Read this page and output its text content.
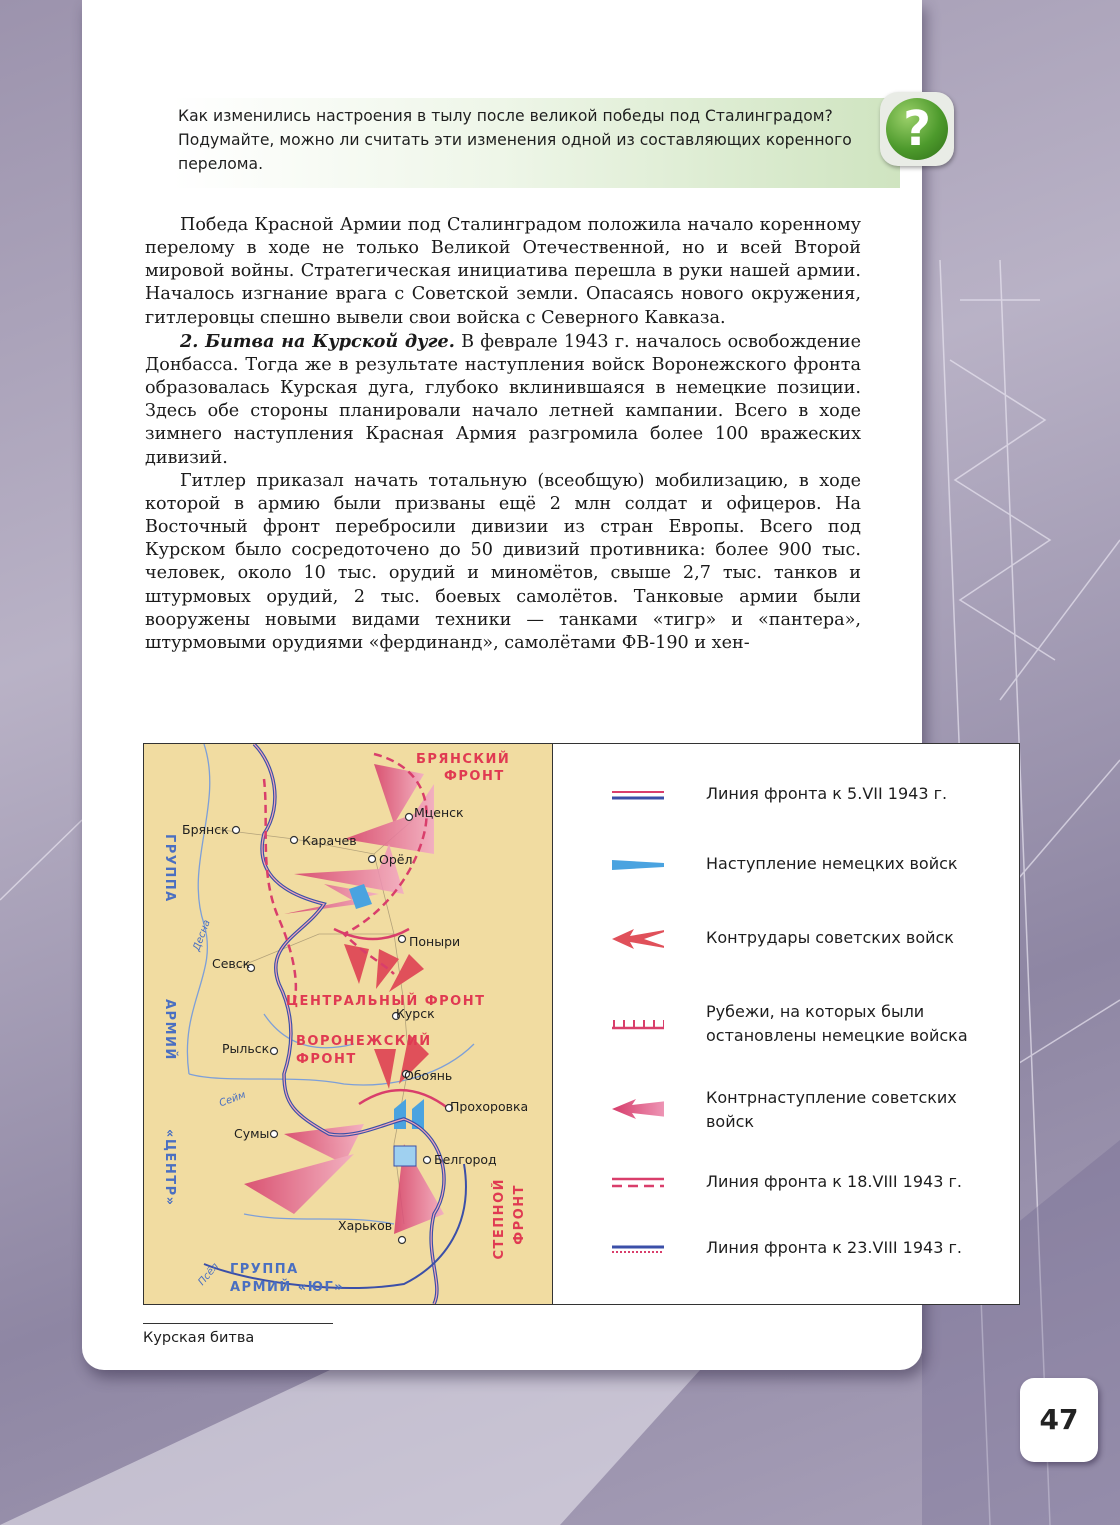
Как изменились настроения в тылу после великой победы под Сталинградом? Подумайте, можно ли считать эти изменения одной из составляющих коренного перелома.
?

Победа Красной Армии под Сталинградом положила начало коренному перелому в ходе не только Великой Отечественной, но и всей Второй мировой войны. Стратегическая инициатива перешла в руки нашей армии. Началось изгнание врага с Советской земли. Опасаясь нового окружения, гитлеровцы спешно вывели свои войска с Северного Кавказа.

2. Битва на Курской дуге. В феврале 1943 г. началось освобождение Донбасса. Тогда же в результате наступления войск Воронежского фронта образовалась Курская дуга, глубоко вклинившаяся в немецкие позиции. Здесь обе стороны планировали начало летней кампании. Всего в ходе зимнего наступления Красная Армия разгромила более 100 вражеских дивизий.

Гитлер приказал начать тотальную (всеобщую) мобилизацию, в ходе которой в армию были призваны ещё 2 млн солдат и офицеров. На Восточный фронт перебросили дивизии из стран Европы. Всего под Курском было сосредоточено до 50 дивизий противника: более 900 тыс. человек, около 10 тыс. орудий и миномётов, свыше 2,7 тыс. танков и штурмовых орудий, 2 тыс. боевых самолётов. Танковые армии были вооружены новыми видами техники — танками «тигр» и «пантера», штурмовыми орудиями «фердинанд», самолётами ФВ-190 и хен-

Брянск
Карачев
Мценск
Орёл
Севск
Поныри
Курск
Рыльск
Обоянь
Прохоровка
Сумы
Белгород
Харьков
БРЯНСКИЙ
ФРОНТ
ЦЕНТРАЛЬНЫЙ ФРОНТ
ВОРОНЕЖСКИЙ
ФРОНТ
СТЕПНОЙ ФРОНТ
ГРУППА
АРМИЙ
«ЦЕНТР»
ГРУППА
АРМИЙ «ЮГ»
Десна
Сейм
Псёл
Линия фронта к 5.VII 1943 г.
Наступление немецких войск
Контрудары советских войск
Рубежи, на которых были остановлены немецкие войска
Контрнаступление советских войск
Линия фронта к 18.VIII 1943 г.
Линия фронта к 23.VIII 1943 г.
Курская битва
47
